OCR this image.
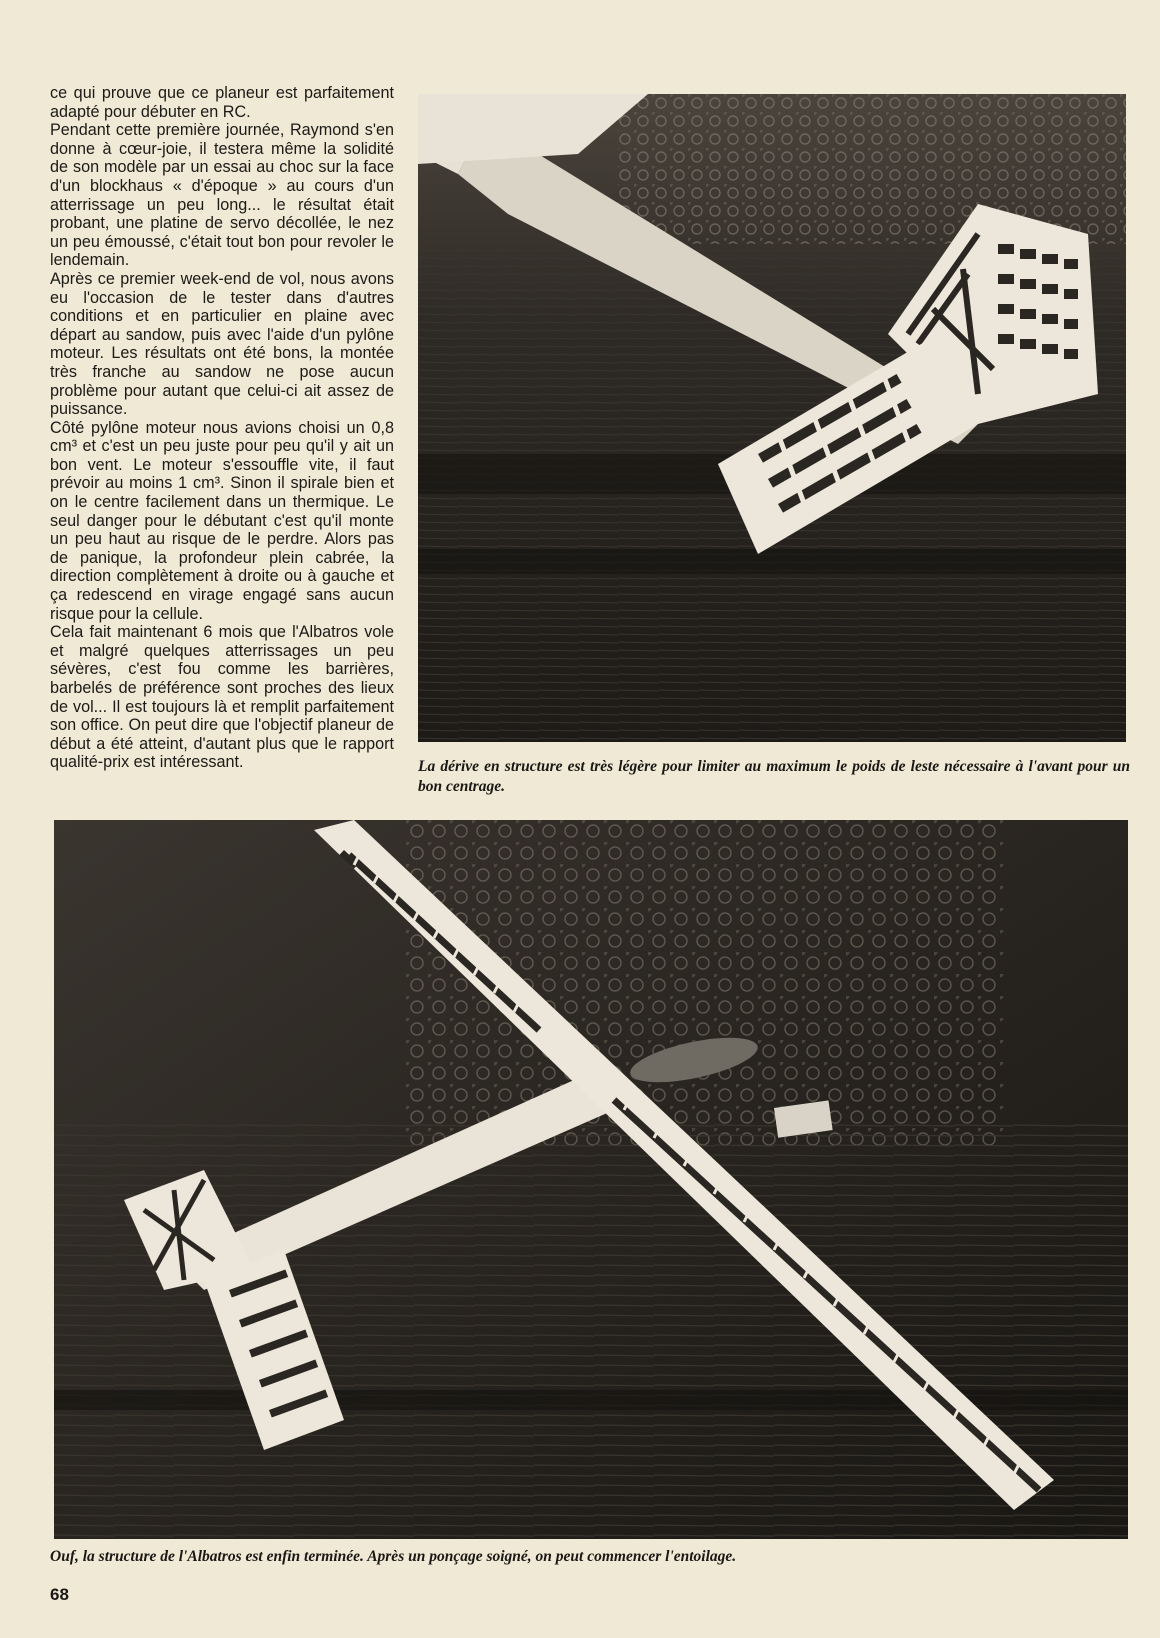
ce qui prouve que ce planeur est parfaitement adapté pour débuter en RC.

Pendant cette première journée, Raymond s'en donne à cœur-joie, il testera même la solidité de son modèle par un essai au choc sur la face d'un blockhaus « d'époque » au cours d'un atterrissage un peu long... le résultat était probant, une platine de servo décollée, le nez un peu émoussé, c'était tout bon pour revoler le lendemain.

Après ce premier week-end de vol, nous avons eu l'occasion de le tester dans d'autres conditions et en particulier en plaine avec départ au sandow, puis avec l'aide d'un pylône moteur. Les résultats ont été bons, la montée très franche au sandow ne pose aucun problème pour autant que celui-ci ait assez de puissance.

Côté pylône moteur nous avions choisi un 0,8 cm³ et c'est un peu juste pour peu qu'il y ait un bon vent. Le moteur s'essouffle vite, il faut prévoir au moins 1 cm³. Sinon il spirale bien et on le centre facilement dans un thermique. Le seul danger pour le débutant c'est qu'il monte un peu haut au risque de le perdre. Alors pas de panique, la profondeur plein cabrée, la direction complètement à droite ou à gauche et ça redescend en virage engagé sans aucun risque pour la cellule.

Cela fait maintenant 6 mois que l'Albatros vole et malgré quelques atterrissages un peu sévères, c'est fou comme les barrières, barbelés de préférence sont proches des lieux de vol... Il est toujours là et remplit parfaitement son office. On peut dire que l'objectif planeur de début a été atteint, d'autant plus que le rapport qualité-prix est intéressant.	La dérive en structure est très légère pour limiter au maximum le poids de leste nécessaire à l'avant pour un bon centrage.
Ouf, la structure de l'Albatros est enfin terminée. Après un ponçage soigné, on peut commencer l'entoilage.
68
